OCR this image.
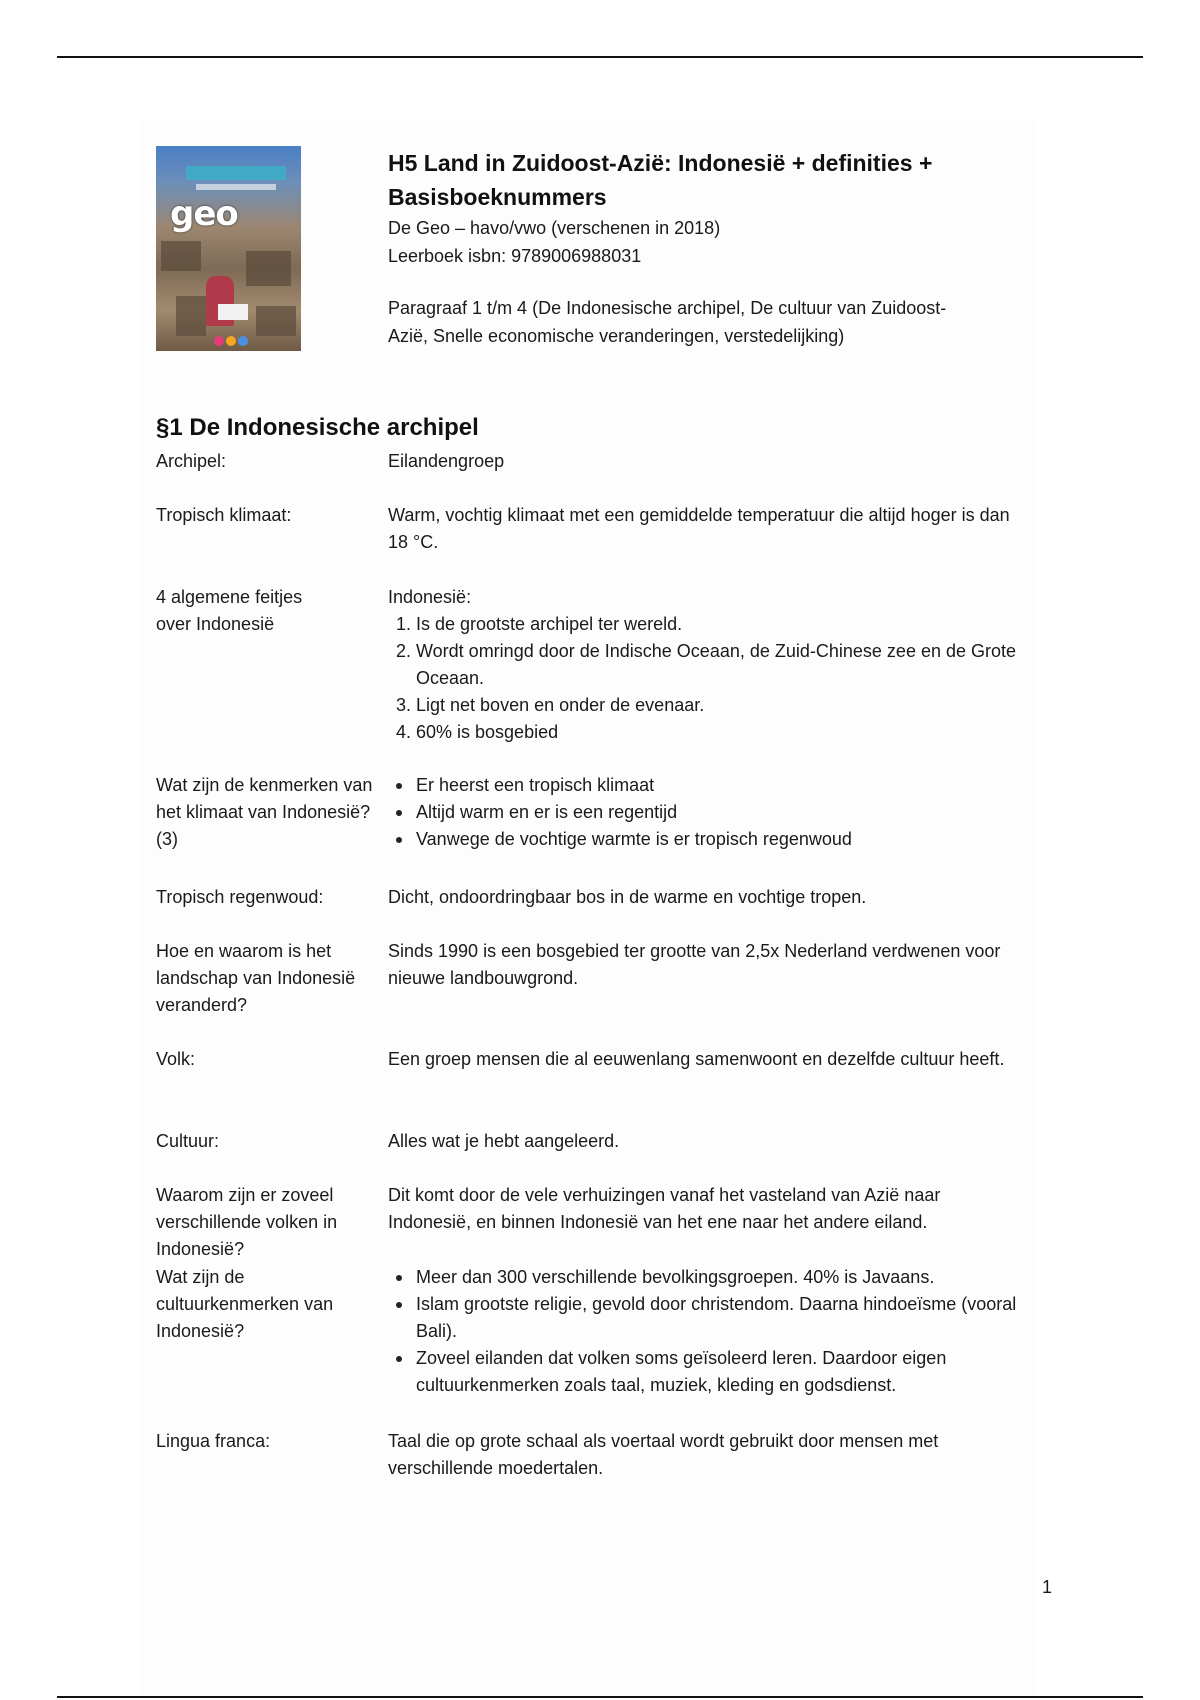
geo

H5 Land in Zuidoost-Azië: Indonesië + definities +

Basisboeknummers

De Geo – havo/vwo (verschenen in 2018)

Leerboek isbn: 9789006988031

Paragraaf 1 t/m 4 (De Indonesische archipel, De cultuur van Zuidoost-
Azië, Snelle economische veranderingen, verstedelijking)
§1 De Indonesische archipel
Archipel:	Eilandengroep
Tropisch klimaat:	Warm, vochtig klimaat met een gemiddelde temperatuur die altijd hoger is dan 18 °C.
4 algemene feitjes over Indonesië
Indonesië:
1. Is de grootste archipel ter wereld.
2. Wordt omringd door de Indische Oceaan, de Zuid-Chinese zee en de Grote Oceaan.
3. Ligt net boven en onder de evenaar.
4. 60% is bosgebied
Wat zijn de kenmerken van het klimaat van Indonesië? (3)
Er heerst een tropisch klimaat
Altijd warm en er is een regentijd
Vanwege de vochtige warmte is er tropisch regenwoud
Tropisch regenwoud:	Dicht, ondoordringbaar bos in de warme en vochtige tropen.
Hoe en waarom is het landschap van Indonesië veranderd?
Sinds 1990 is een bosgebied ter grootte van 2,5x Nederland verdwenen voor nieuwe landbouwgrond.
Volk:	Een groep mensen die al eeuwenlang samenwoont en dezelfde cultuur heeft.
Cultuur:	Alles wat je hebt aangeleerd.
Waarom zijn er zoveel verschillende volken in Indonesië?
Dit komt door de vele verhuizingen vanaf het vasteland van Azië naar Indonesië, en binnen Indonesië van het ene naar het andere eiland.
Wat zijn de cultuurkenmerken van Indonesië?
Meer dan 300 verschillende bevolkingsgroepen. 40% is Javaans.
Islam grootste religie, gevold door christendom. Daarna hindoeïsme (vooral Bali).
Zoveel eilanden dat volken soms geïsoleerd leren. Daardoor eigen cultuurkenmerken zoals taal, muziek, kleding en godsdienst.
Lingua franca:	Taal die op grote schaal als voertaal wordt gebruikt door mensen met verschillende moedertalen.
1
